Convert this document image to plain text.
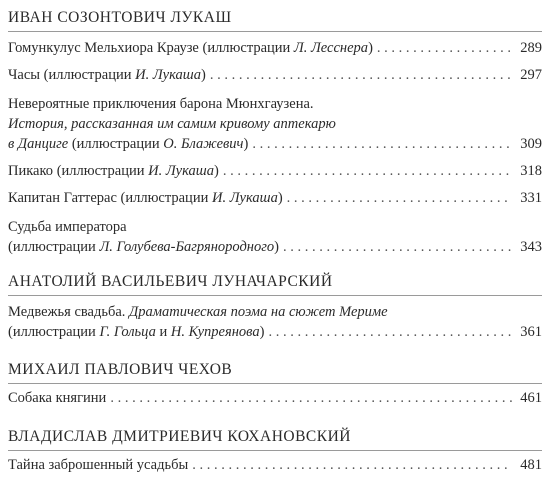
ИВАН СОЗОНТОВИЧ ЛУКАШ
Гомункулус Мельхиора Краузе
(иллюстрации Л. Лесснера) . . .	289
Часы
(иллюстрации И. Лукаша) . . .	297
Невероятные приключения барона Мюнхгаузена.
История, рассказанная им самим кривому аптекарю
в Данциге
(иллюстрации О. Блажевич) . . .	309
Пикако
(иллюстрации И. Лукаша) . . .	318
Капитан Гаттерас
(иллюстрации И. Лукаша) . . .	331
Судьба императора
(иллюстрации Л. Голубева-Багрянородного) . . .	343
АНАТОЛИЙ ВАСИЛЬЕВИЧ ЛУНАЧАРСКИЙ
Медвежья свадьба.
Драматическая поэма на сюжет Мериме
(иллюстрации Г. Гольца и Н. Купреянова) . . .	361
МИХАИЛ ПАВЛОВИЧ ЧЕХОВ
Собака княгини . . .	461
ВЛАДИСЛАВ ДМИТРИЕВИЧ КОХАНОВСКИЙ
Тайна заброшенный усадьбы . . .	481
